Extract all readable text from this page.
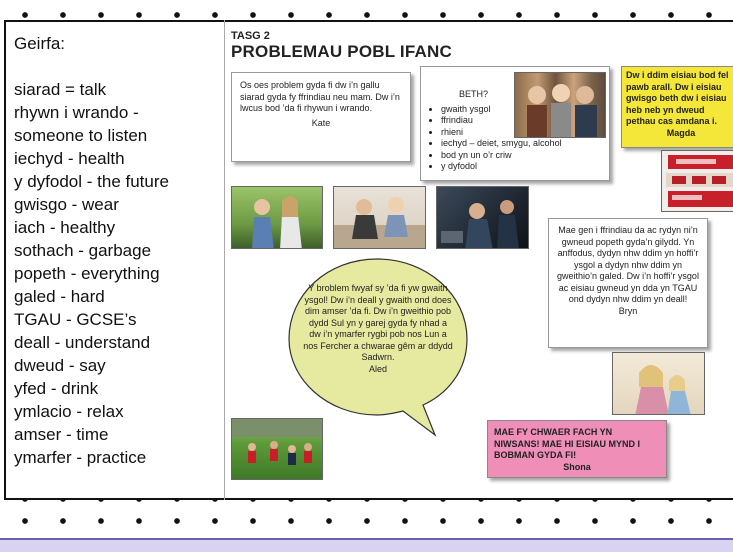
Geirfa:
siarad = talk
rhywn i wrando -
someone to listen
iechyd - health
y dyfodol - the future
gwisgo - wear
iach - healthy
sothach - garbage
popeth - everything
galed - hard
TGAU - GCSE’s
deall - understand
dweud - say
yfed - drink
ymlacio - relax
amser - time
ymarfer - practice
TASG 2
PROBLEMAU POBL IFANC
Os oes problem gyda fi dw i’n gallu siarad gyda fy ffrindiau neu mam. Dw i’n lwcus bod ’da fi rhywun i wrando.
Kate
BETH?
• gwaith ysgol
• ffrindiau
• rhieni
• iechyd – deiet, smygu, alcohol
• bod yn un o’r criw
• y dyfodol
Dw i ddim eisiau bod fel pawb arall. Dw i eisiau gwisgo beth dw i eisiau heb neb yn dweud pethau cas amdana i.
Magda
Mae gen i ffrindiau da ac rydyn ni’n gwneud popeth gyda’n gilydd. Yn anffodus, dydyn nhw ddim yn hoffi’r ysgol a dydyn nhw ddim yn gweithio’n galed. Dw i’n hoffi’r ysgol ac eisiau gwneud yn dda yn TGAU ond dydyn nhw ddim yn deall!
Bryn
Y broblem fwyaf sy ’da fi yw gwaith ysgol! Dw i’n deall y gwaith ond does dim amser ’da fi. Dw i’n gweithio pob dydd Sul yn y garej gyda fy nhad a dw i’n ymarfer rygbi pob nos Lun a nos Fercher a chwarae gêm ar ddydd Sadwrn.
Aled
MAE FY CHWAER FACH YN NIWSANS! MAE HI EISIAU MYND I BOBMAN GYDA FI!
Shona
